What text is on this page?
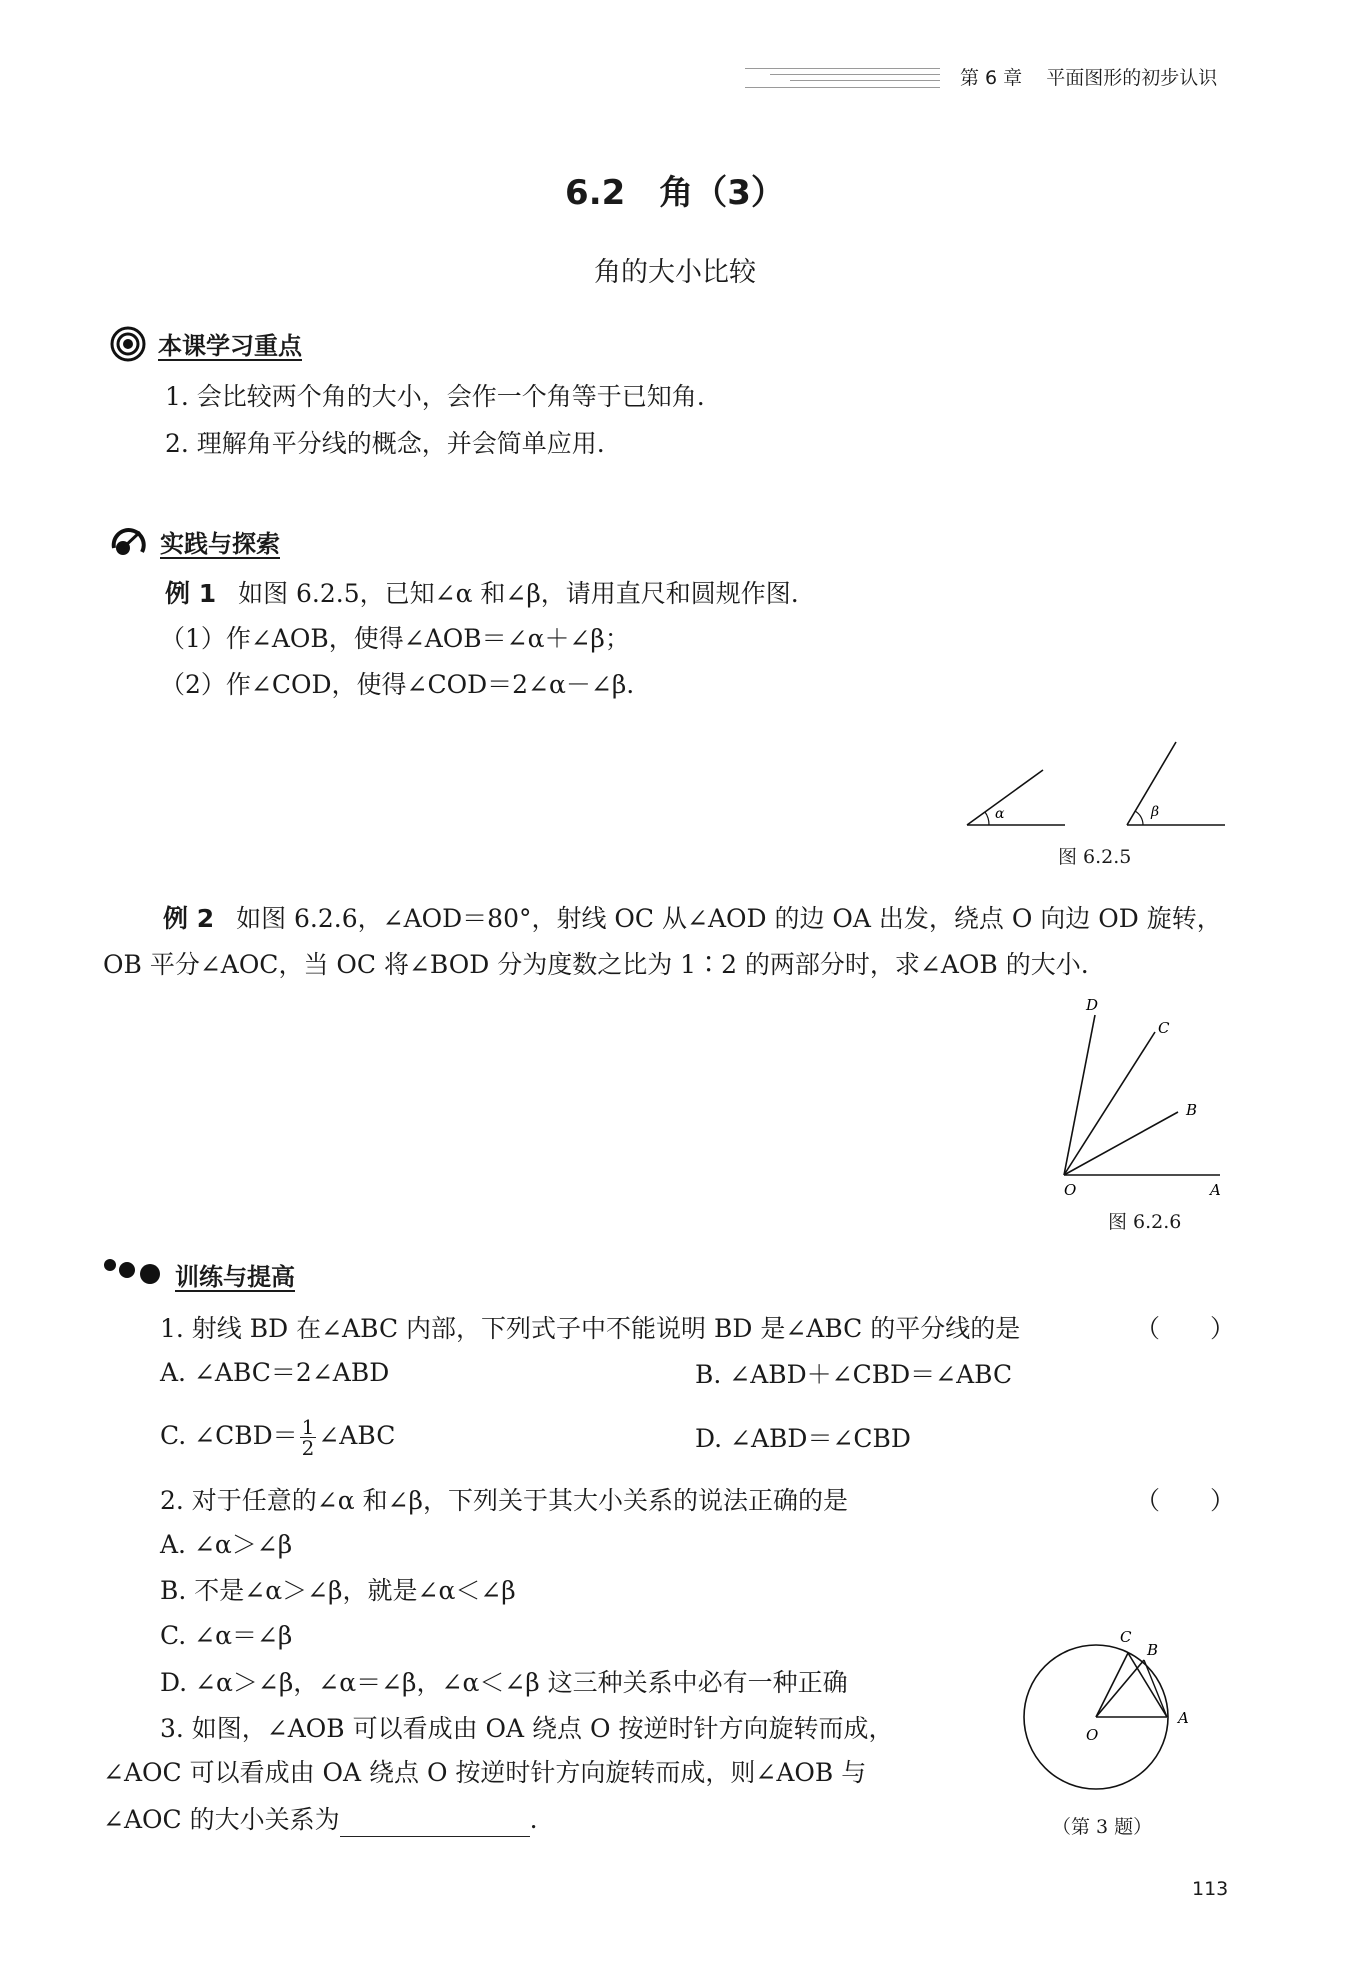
第 6 章 平面图形的初步认识
6.2　角（3）
角的大小比较
本课学习重点
1. 会比较两个角的大小，会作一个角等于已知角.
2. 理解角平分线的概念，并会简单应用.
实践与探索
例 1 如图 6.2.5，已知∠α 和∠β，请用直尺和圆规作图.
（1）作∠AOB，使得∠AOB＝∠α＋∠β；
（2）作∠COD，使得∠COD＝2∠α－∠β.
α	β
图 6.2.5
例 2 如图 6.2.6，∠AOD＝80°，射线 OC 从∠AOD 的边 OA 出发，绕点 O 向边 OD 旋转，
OB 平分∠AOC，当 OC 将∠BOD 分为度数之比为 1∶2 的两部分时，求∠AOB 的大小.
O	A
B
C
D
图 6.2.6
训练与提高
1. 射线 BD 在∠ABC 内部，下列式子中不能说明 BD 是∠ABC 的平分线的是	（　　）
A. ∠ABC＝2∠ABD	B. ∠ABD＋∠CBD＝∠ABC
C. ∠CBD＝ $\frac{1}{2}$ ∠ABC	D. ∠ABD＝∠CBD
2. 对于任意的∠α 和∠β，下列关于其大小关系的说法正确的是	（　　）
A. ∠α＞∠β
B. 不是∠α＞∠β，就是∠α＜∠β
C. ∠α＝∠β
D. ∠α＞∠β，∠α＝∠β，∠α＜∠β 这三种关系中必有一种正确
3. 如图，∠AOB 可以看成由 OA 绕点 O 按逆时针方向旋转而成，
∠AOC 可以看成由 OA 绕点 O 按逆时针方向旋转而成，则∠AOB 与
∠AOC 的大小关系为	.
O
A
B
C
（第 3 题）
113
